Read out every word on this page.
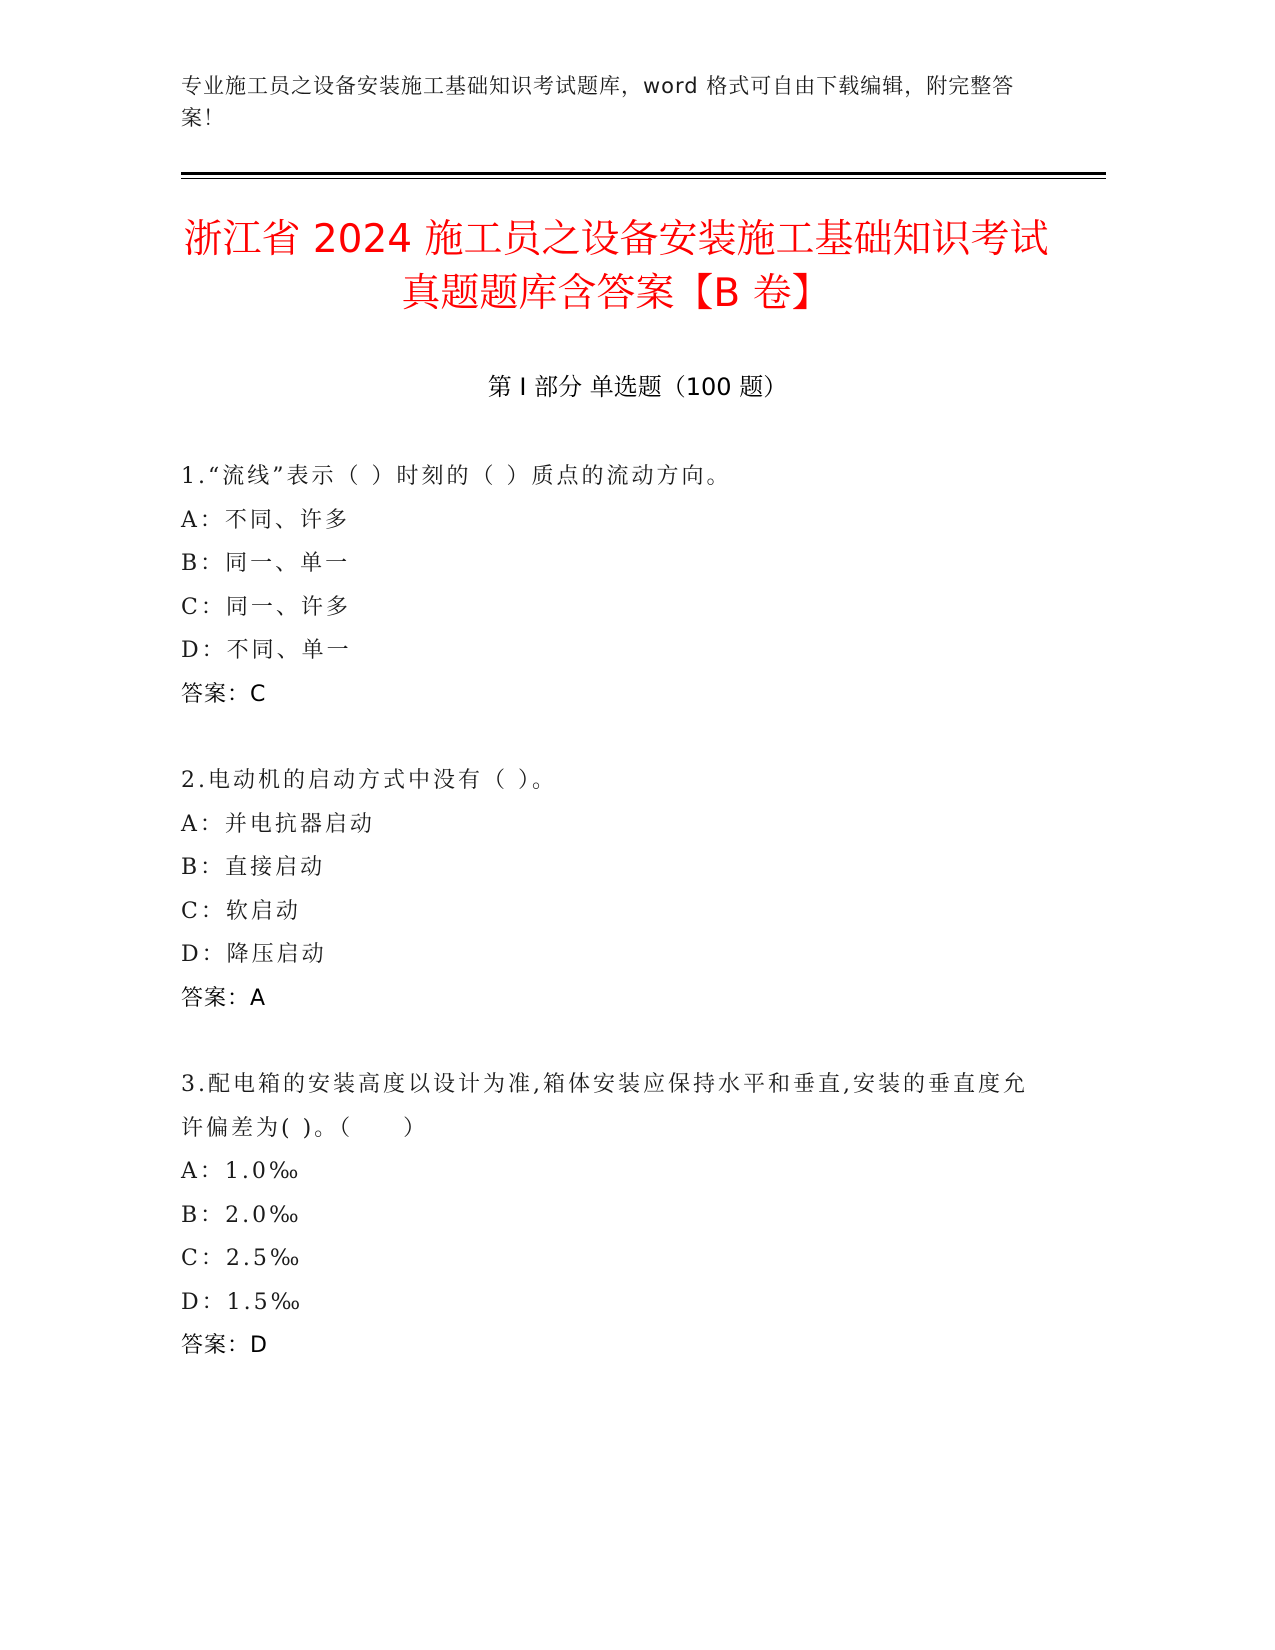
专业施工员之设备安装施工基础知识考试题库，word 格式可自由下载编辑，附完整答案！
浙江省 2024 施工员之设备安装施工基础知识考试真题题库含答案【B 卷】
第 I 部分 单选题（100 题）
1.“流线”表示（ ）时刻的（ ）质点的流动方向。
A：不同、许多
B：同一、单一
C：同一、许多
D：不同、单一
答案：C
2.电动机的启动方式中没有（ ）。
A：并电抗器启动
B：直接启动
C：软启动
D：降压启动
答案：A
3.配电箱的安装高度以设计为准,箱体安装应保持水平和垂直,安装的垂直度允许偏差为( )。（　　）
A：1.0‰
B：2.0‰
C：2.5‰
D：1.5‰
答案：D
